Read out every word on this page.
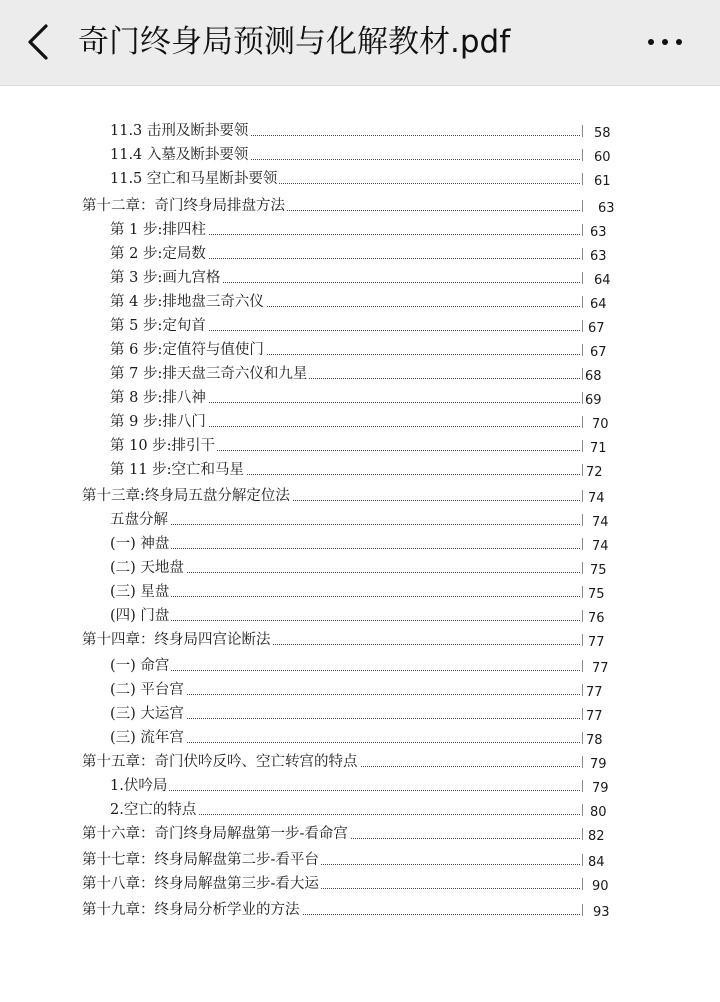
奇门终身局预测与化解教材.pdf
11.3 击刑及断卦要领	58
11.4 入墓及断卦要领	60
11.5 空亡和马星断卦要领	61
第十二章：奇门终身局排盘方法	63
第 1 步:排四柱	63
第 2 步:定局数	63
第 3 步:画九宫格	64
第 4 步:排地盘三奇六仪	64
第 5 步:定旬首	67
第 6 步:定值符与值使门	67
第 7 步:排天盘三奇六仪和九星	68
第 8 步:排八神	69
第 9 步:排八门	70
第 10 步:排引干	71
第 11 步:空亡和马星	72
第十三章:终身局五盘分解定位法	74
五盘分解	74
(一) 神盘	74
(二) 天地盘	75
(三) 星盘	75
(四) 门盘	76
第十四章：终身局四宫论断法	77
(一) 命宫	77
(二) 平台宫	77
(三) 大运宫	77
(三) 流年宫	78
第十五章：奇门伏吟反吟、空亡转宫的特点	79
1.伏吟局	79
2.空亡的特点	80
第十六章：奇门终身局解盘第一步-看命宫	82
第十七章：终身局解盘第二步-看平台	84
第十八章：终身局解盘第三步-看大运	90
第十九章：终身局分析学业的方法	93
